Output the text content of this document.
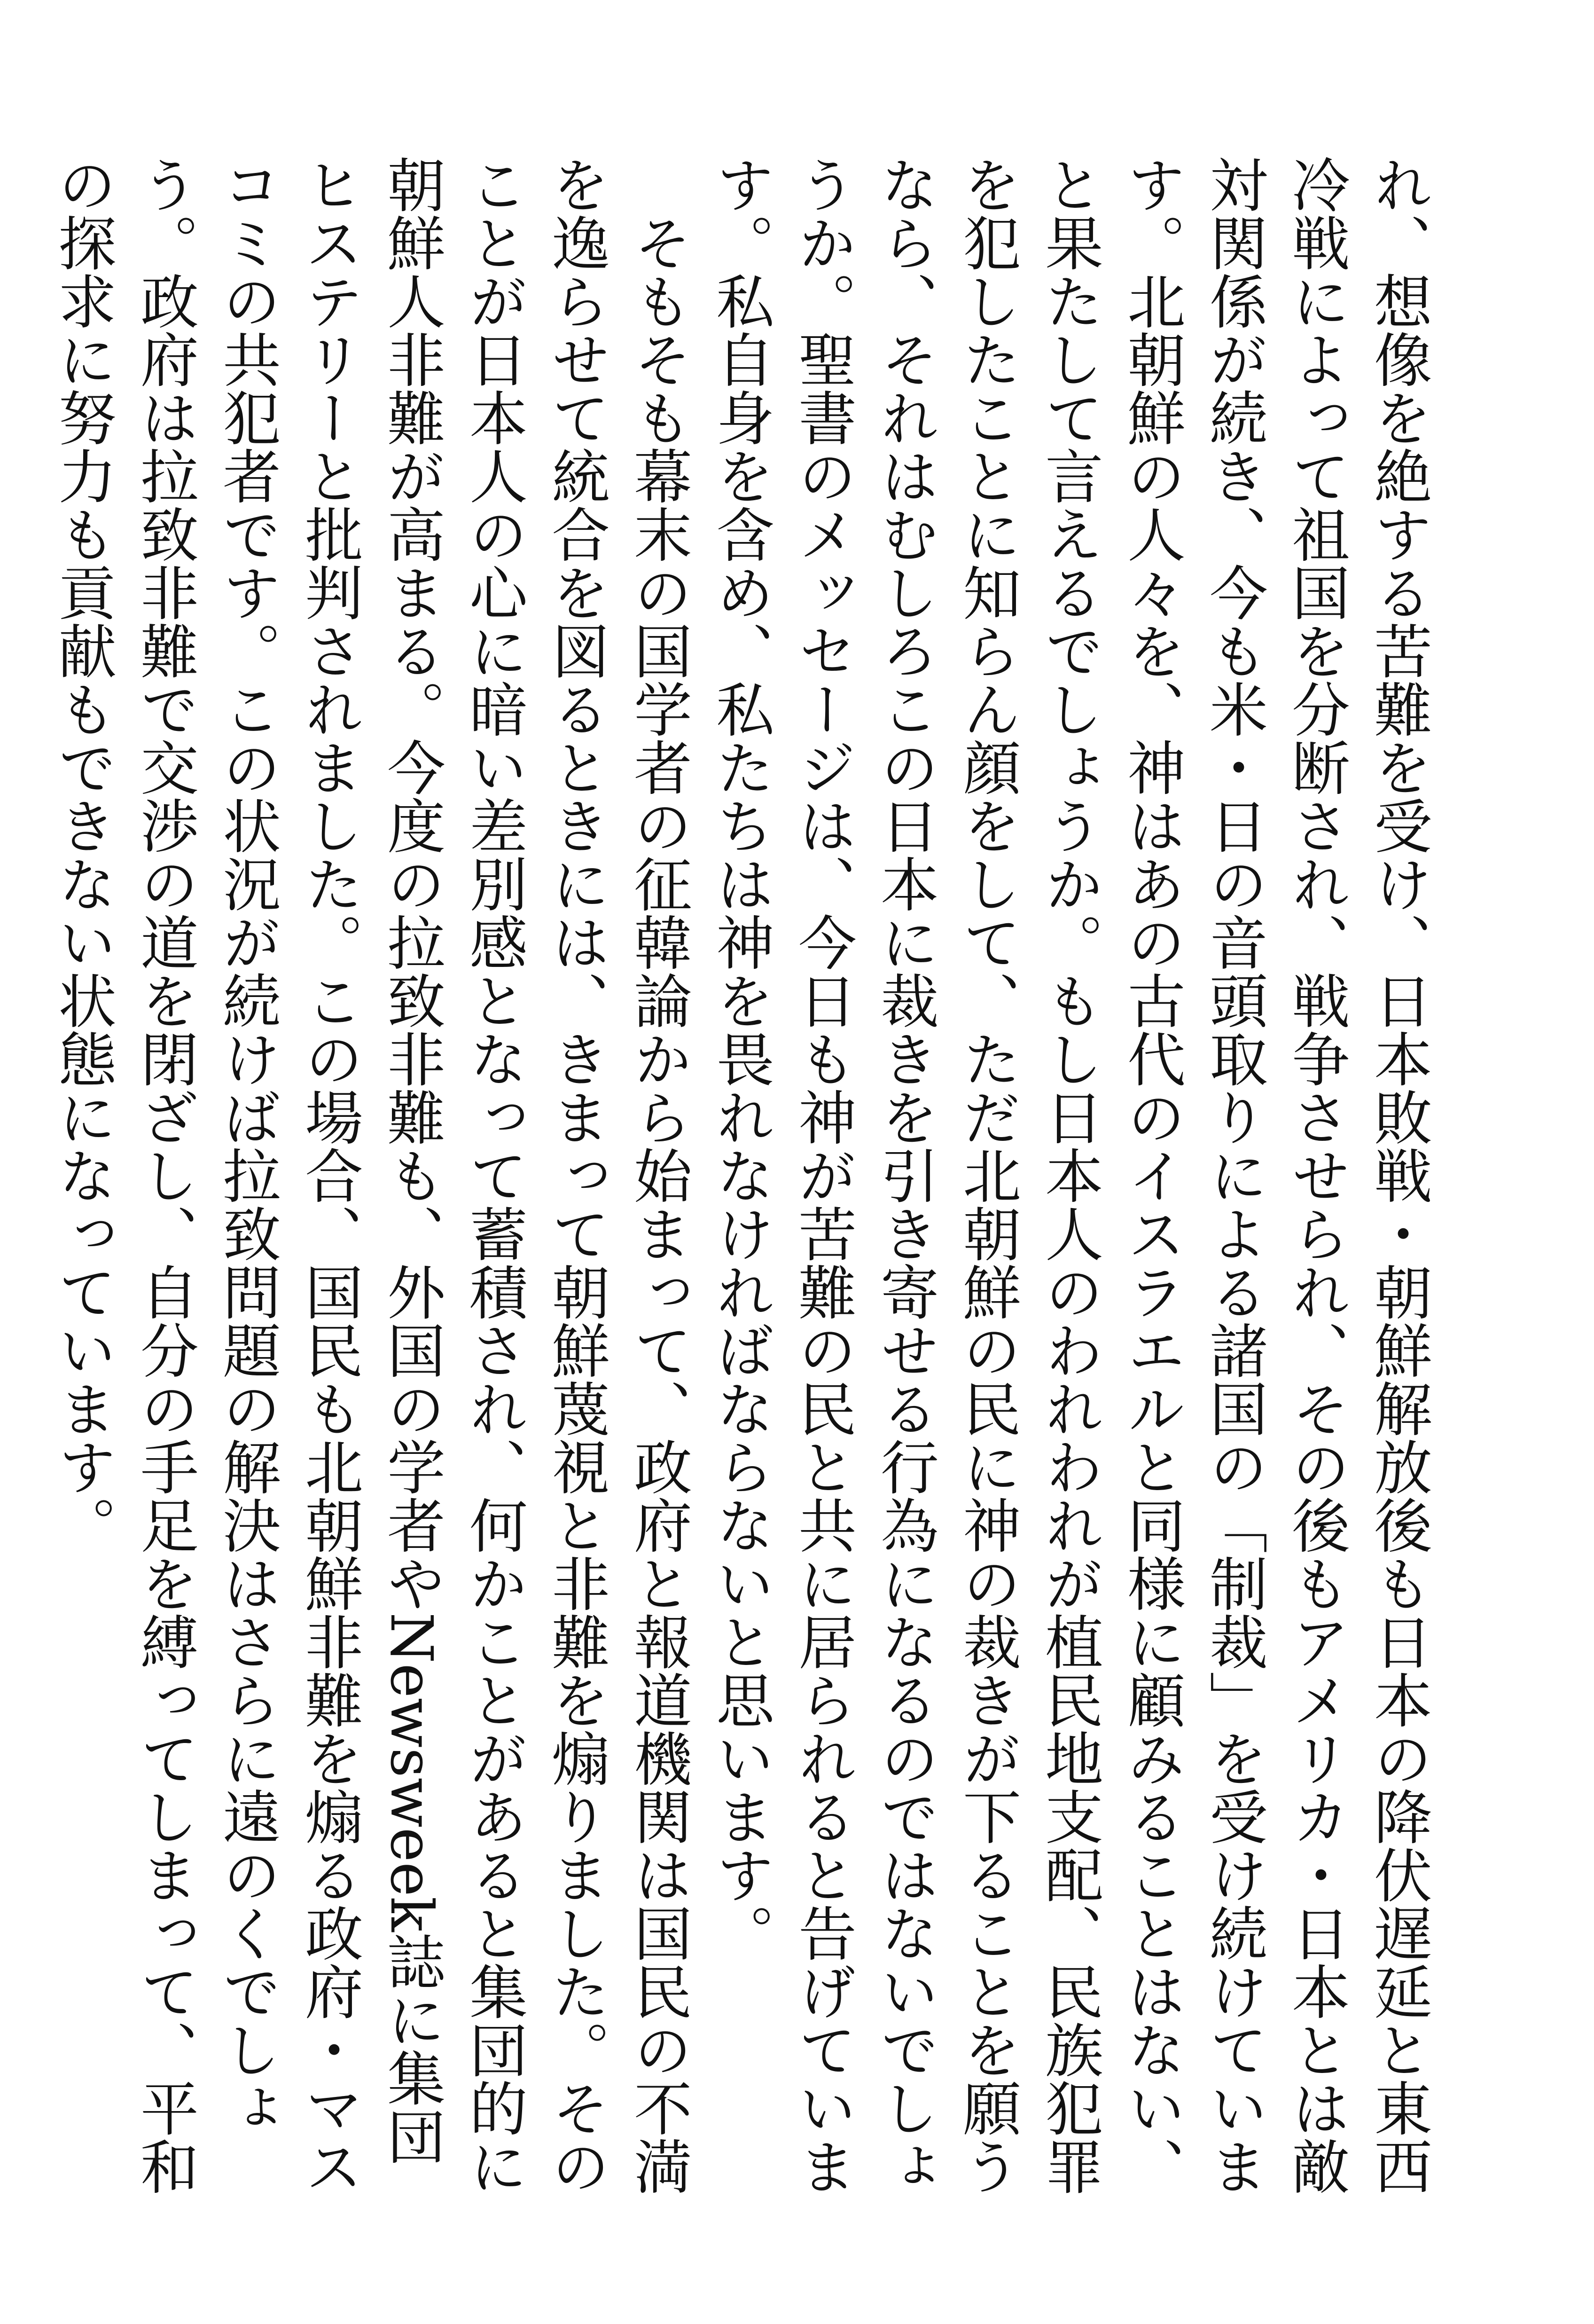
れ、想像を絶する苦難を受け、日本敗戦・朝鮮解放後も日本の降伏遅延と東西冷戦によって祖国を分断され、戦争させられ、その後もアメリカ・日本とは敵対関係が続き、今も米・日の音頭取りによる諸国の「制裁」を受け続けています。北朝鮮の人々を、神はあの古代のイスラエルと同様に顧みることはない、と果たして言えるでしょうか。もし日本人のわれわれが植民地支配、民族犯罪を犯したことに知らん顔をして、ただ北朝鮮の民に神の裁きが下ることを願うなら、それはむしろこの日本に裁きを引き寄せる行為になるのではないでしょうか。聖書のメッセージは、今日も神が苦難の民と共に居られると告げています。私自身を含め、私たちは神を畏れなければならないと思います。

そもそも幕末の国学者の征韓論から始まって、政府と報道機関は国民の不満を逸らせて統合を図るときには、きまって朝鮮蔑視と非難を煽りました。そのことが日本人の心に暗い差別感となって蓄積され、何かことがあると集団的に朝鮮人非難が高まる。今度の拉致非難も、外国の学者やNewsweek誌に集団ヒステリーと批判されました。この場合、国民も北朝鮮非難を煽る政府・マスコミの共犯者です。この状況が続けば拉致問題の解決はさらに遠のくでしょう。政府は拉致非難で交渉の道を閉ざし、自分の手足を縛ってしまって、平和の探求に努力も貢献もできない状態になっています。
